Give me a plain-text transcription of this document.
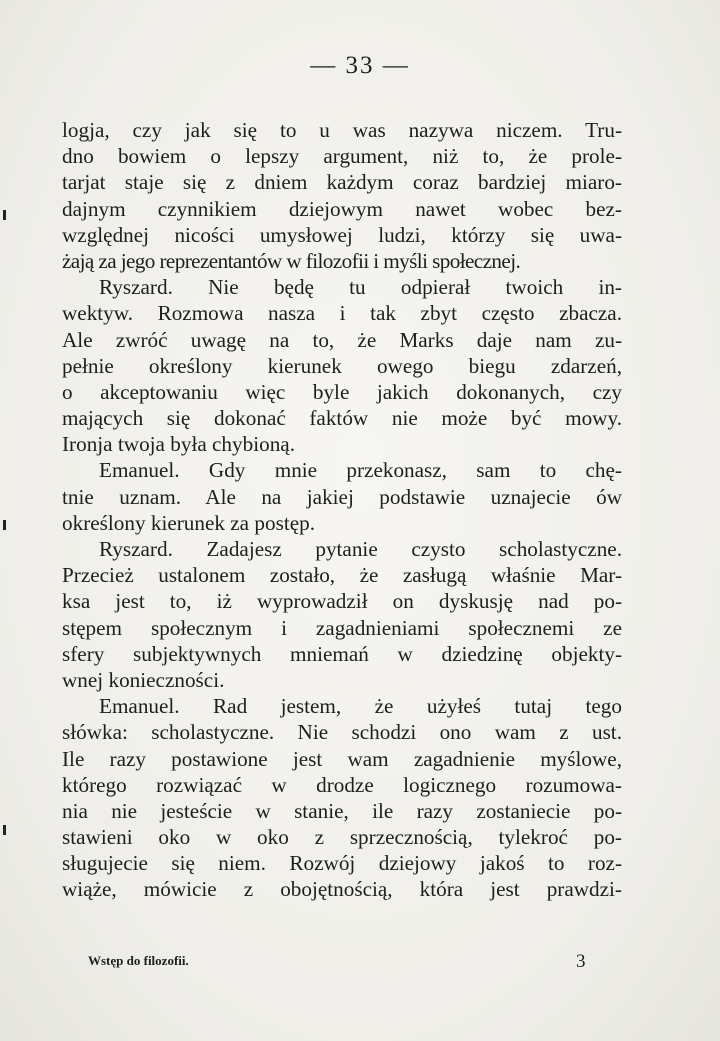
— 33 —
logja, czy jak się to u was nazywa niczem. Tru-
dno bowiem o lepszy argument, niż to, że prole-
tarjat staje się z dniem każdym coraz bardziej miaro-
dajnym czynnikiem dziejowym nawet wobec bez-
względnej nicości umysłowej ludzi, którzy się uwa-
żają za jego reprezentantów w filozofii i myśli społecznej.
Ryszard. Nie będę tu odpierał twoich in-
wektyw. Rozmowa nasza i tak zbyt często zbacza.
Ale zwróć uwagę na to, że Marks daje nam zu-
pełnie określony kierunek owego biegu zdarzeń,
o akceptowaniu więc byle jakich dokonanych, czy
mających się dokonać faktów nie może być mowy.
Ironja twoja była chybioną.
Emanuel. Gdy mnie przekonasz, sam to chę-
tnie uznam. Ale na jakiej podstawie uznajecie ów
określony kierunek za postęp.
Ryszard. Zadajesz pytanie czysto scholastyczne.
Przecież ustalonem zostało, że zasługą właśnie Mar-
ksa jest to, iż wyprowadził on dyskusję nad po-
stępem społecznym i zagadnieniami społecznemi ze
sfery subjektywnych mniemań w dziedzinę objekty-
wnej konieczności.
Emanuel. Rad jestem, że użyłeś tutaj tego
słówka: scholastyczne. Nie schodzi ono wam z ust.
Ile razy postawione jest wam zagadnienie myślowe,
którego rozwiązać w drodze logicznego rozumowa-
nia nie jesteście w stanie, ile razy zostaniecie po-
stawieni oko w oko z sprzecznością, tylekroć po-
sługujecie się niem. Rozwój dziejowy jakoś to roz-
wiąże, mówicie z obojętnością, która jest prawdzi-
Wstęp do filozofii.	3
